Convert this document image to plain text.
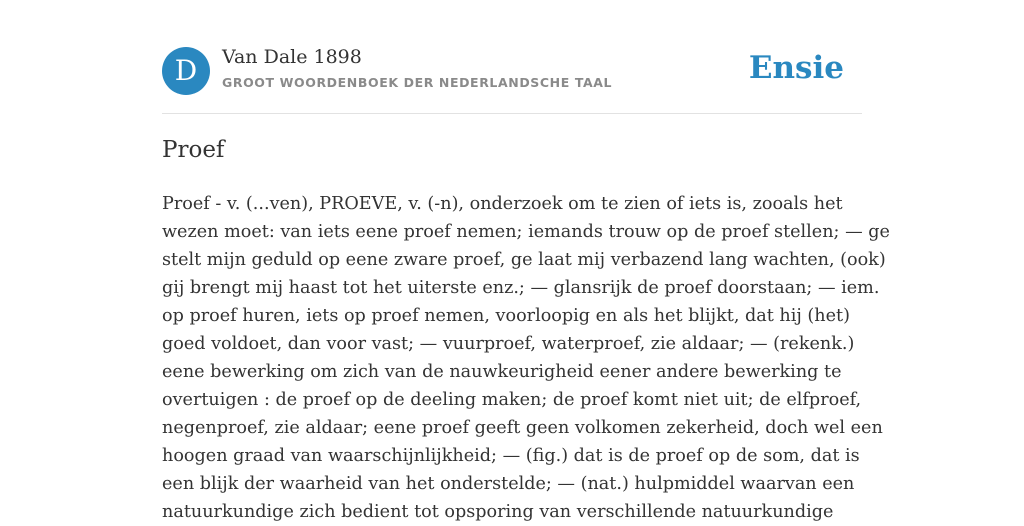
D	Van Dale 1898
GROOT WOORDENBOEK DER NEDERLANDSCHE TAAL	Ensie
Proef
Proef - v. (...ven), PROEVE, v. (-n), onderzoek om te zien of iets is, zooals het
wezen moet: van iets eene proef nemen; iemands trouw op de proef stellen; — ge
stelt mijn geduld op eene zware proef, ge laat mij verbazend lang wachten, (ook)
gij brengt mij haast tot het uiterste enz.; — glansrijk de proef doorstaan; — iem.
op proef huren, iets op proef nemen, voorloopig en als het blijkt, dat hij (het)
goed voldoet, dan voor vast; — vuurproef, waterproef, zie aldaar; — (rekenk.)
eene bewerking om zich van de nauwkeurigheid eener andere bewerking te
overtuigen : de proef op de deeling maken; de proef komt niet uit; de elfproef,
negenproef, zie aldaar; eene proef geeft geen volkomen zekerheid, doch wel een
hoogen graad van waarschijnlijkheid; — (fig.) dat is de proef op de som, dat is
een blijk der waarheid van het onderstelde; — (nat.) hulpmiddel waarvan een
natuurkundige zich bedient tot opsporing van verschillende natuurkundige
